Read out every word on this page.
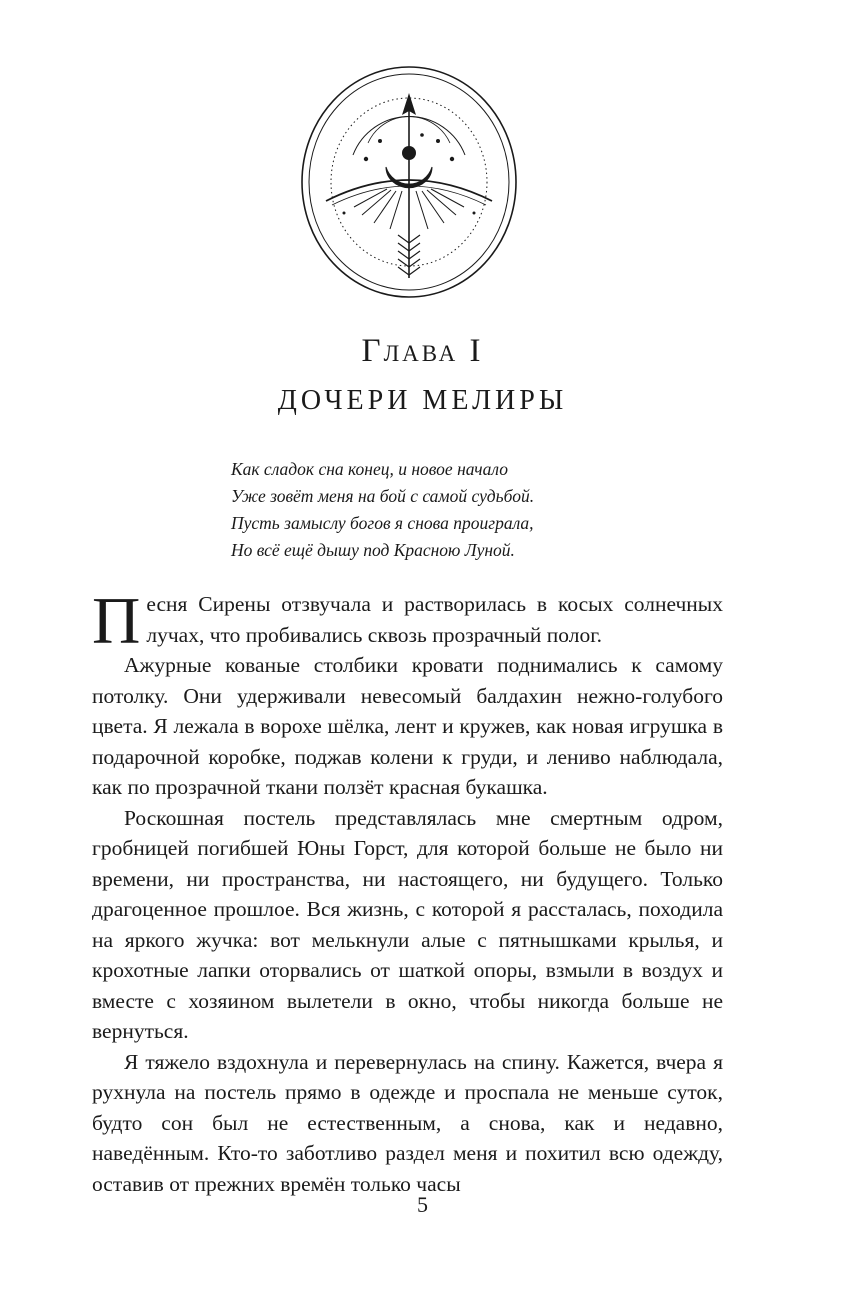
Глава I
ДОЧЕРИ МЕЛИРЫ
Как сладок сна конец, и новое начало
Уже зовёт меня на бой с самой судьбой.
Пусть замыслу богов я снова проиграла,
Но всё ещё дышу под Красною Луной.

Песня Сирены отзвучала и растворилась в косых солнечных лучах, что пробивались сквозь прозрачный полог.

Ажурные кованые столбики кровати поднимались к самому потолку. Они удерживали невесомый балдахин нежно-голубого цвета. Я лежала в ворохе шёлка, лент и кружев, как новая игрушка в подарочной коробке, поджав колени к груди, и лениво наблюдала, как по прозрачной ткани ползёт красная букашка.

Роскошная постель представлялась мне смертным одром, гробницей погибшей Юны Горст, для которой больше не было ни времени, ни пространства, ни настоящего, ни будущего. Только драгоценное прошлое. Вся жизнь, с которой я рассталась, походила на яркого жучка: вот мелькнули алые с пятнышками крылья, и крохотные лапки оторвались от шаткой опоры, взмыли в воздух и вместе с хозяином вылетели в окно, чтобы никогда больше не вернуться.

Я тяжело вздохнула и перевернулась на спину. Кажется, вчера я рухнула на постель прямо в одежде и проспала не меньше суток, будто сон был не естественным, а снова, как и недавно, наведённым. Кто-то заботливо раздел меня и похитил всю одежду, оставив от прежних времён только часы

5
